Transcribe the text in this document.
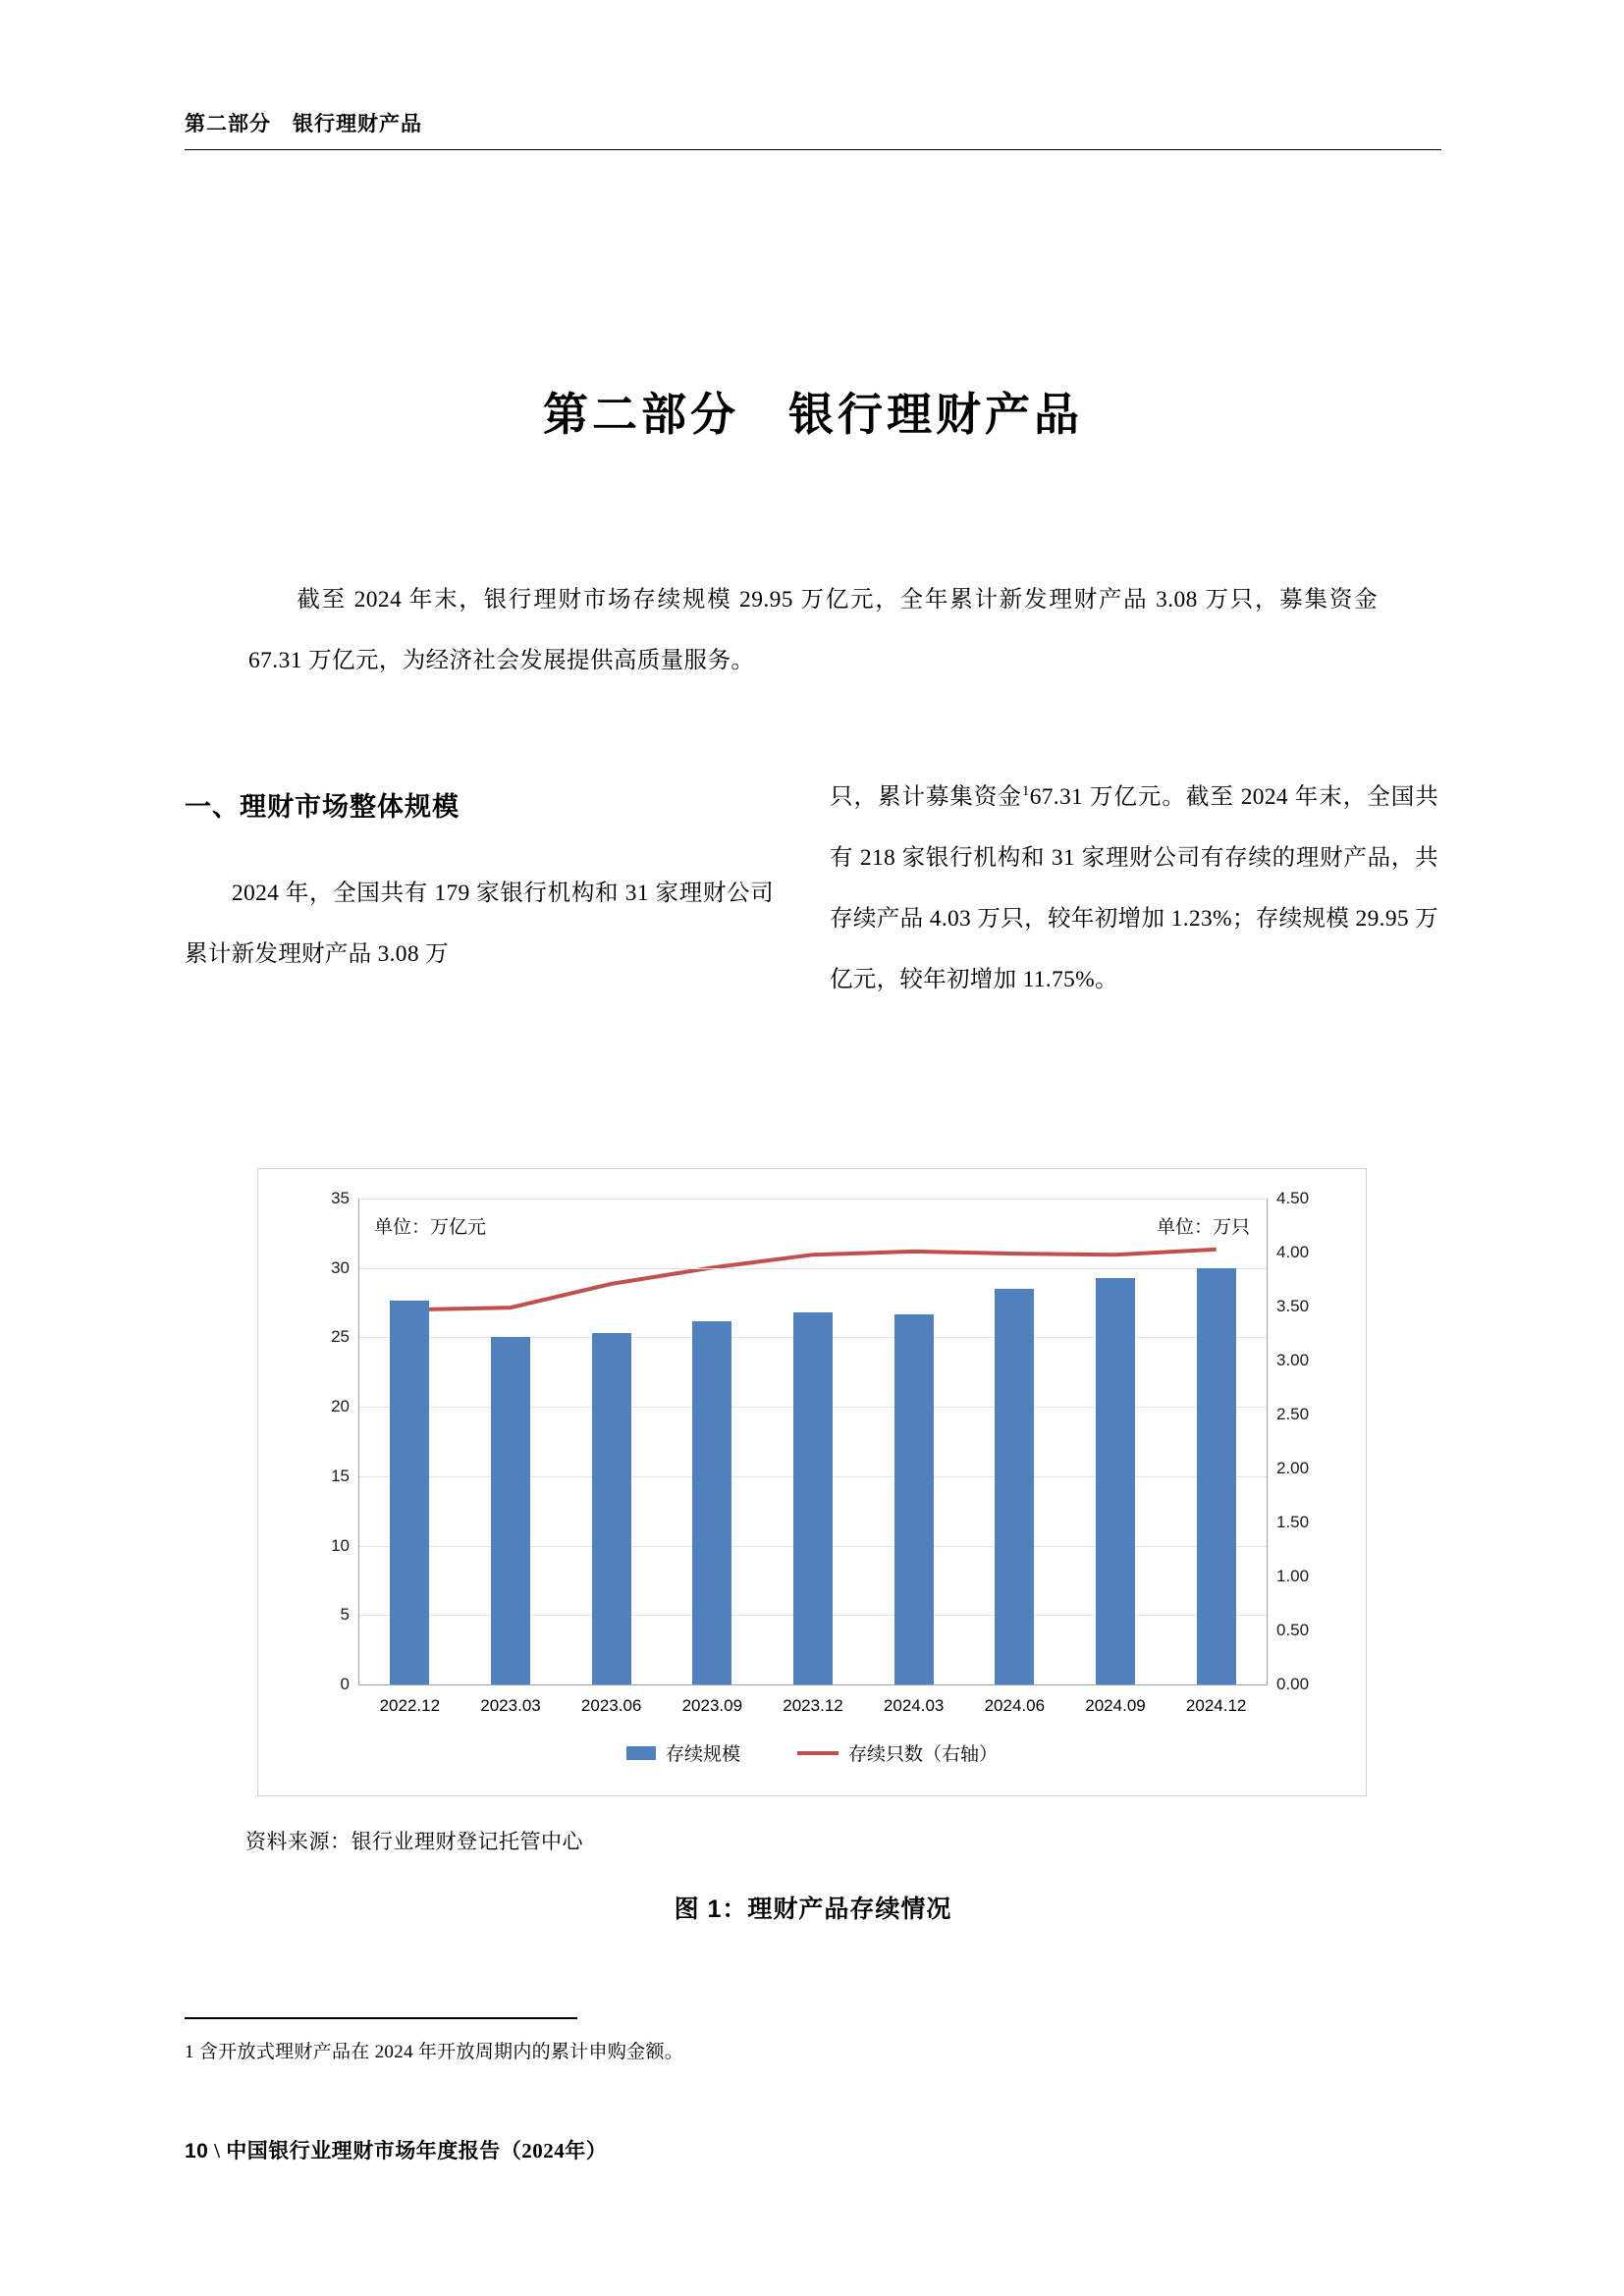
第二部分　银行理财产品
第二部分　银行理财产品
截至 2024 年末，银行理财市场存续规模 29.95 万亿元，全年累计新发理财产品 3.08 万只，募集资金 67.31 万亿元，为经济社会发展提供高质量服务。
一、理财市场整体规模

2024 年，全国共有 179 家银行机构和 31 家理财公司累计新发理财产品 3.08 万

只，累计募集资金$^1$67.31 万亿元。截至 2024 年末，全国共有 218 家银行机构和 31 家理财公司有存续的理财产品，共存续产品 4.03 万只，较年初增加 1.23%；存续规模 29.95 万亿元，较年初增加 11.75%。

单位：万亿元	单位：万只
0
5
10
15
20
25
30
35
0.00
0.50
1.00
1.50
2.00
2.50
3.00
3.50
4.00
4.50
2022.12 2023.03 2023.06 2023.09 2023.12 2024.03 2024.06 2024.09 2024.12
存续规模	存续只数（右轴）
资料来源：银行业理财登记托管中心
图 1：理财产品存续情况
1 含开放式理财产品在 2024 年开放周期内的累计申购金额。
10 \ 中国银行业理财市场年度报告（2024年）
